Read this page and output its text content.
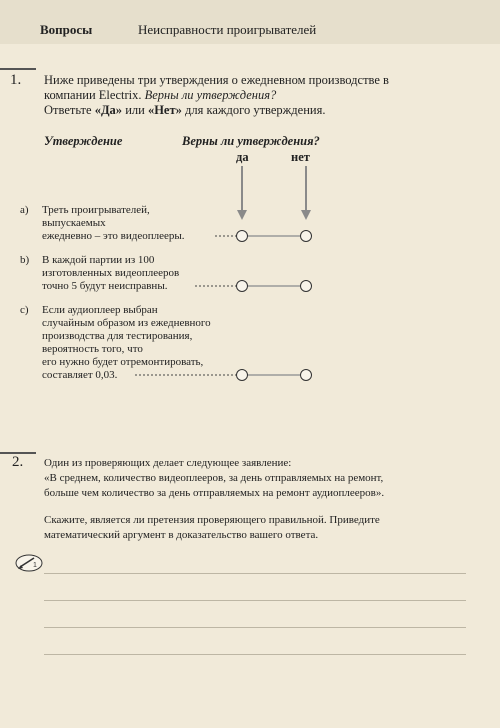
Вопросы	Неисправности проигрывателей
1. Ниже приведены три утверждения о ежедневном производстве в
компании Electrix. Верны ли утверждения?
Ответьте «Да» или «Нет» для каждого утверждения.
Утверждение	Верны ли утверждения?
да	нет
a) Треть проигрывателей,
выпускаемых
ежедневно – это видеоплееры.
b) В каждой партии из 100
изготовленных видеоплееров
точно 5 будут неисправны.
c) Если аудиоплеер выбран
случайным образом из ежедневного
производства для тестирования,
вероятность того, что
его нужно будет отремонтировать,
составляет 0,03.
1
2. Один из проверяющих делает следующее заявление:
«В среднем, количество видеоплееров, за день отправляемых на ремонт,
больше чем количество за день отправляемых на ремонт аудиоплееров».
Скажите, является ли претензия проверяющего правильной. Приведите
математический аргумент в доказательство вашего ответа.
